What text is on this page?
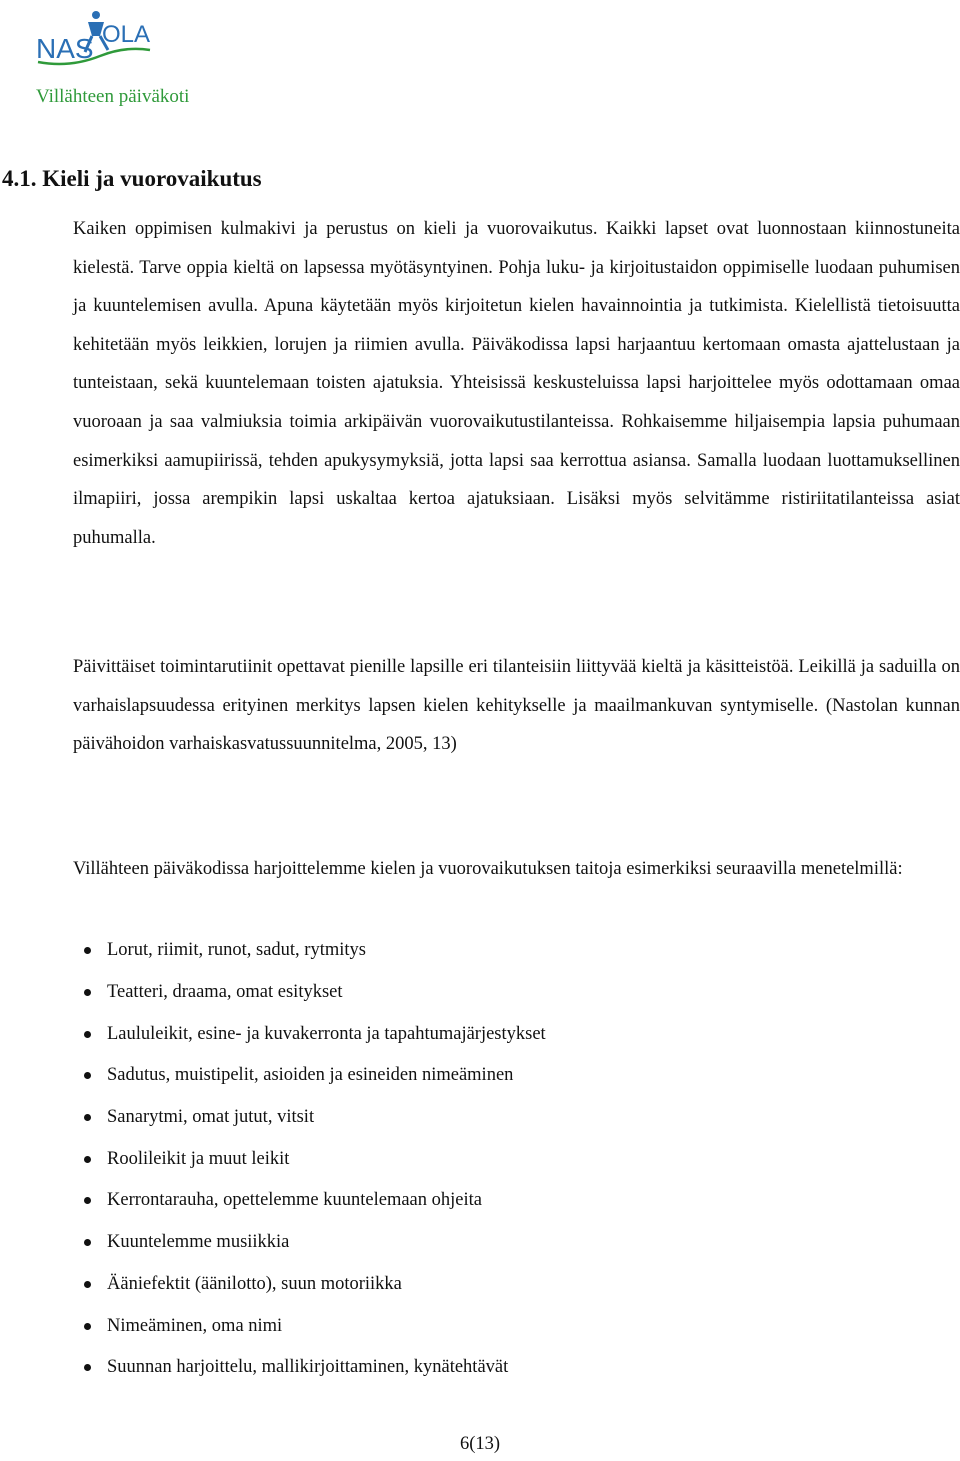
NAS OLA
Villähteen päiväkoti
4.1. Kieli ja vuorovaikutus

Kaiken oppimisen kulmakivi ja perustus on kieli ja vuorovaikutus. Kaikki lapset ovat luonnostaan kiinnostuneita kielestä. Tarve oppia kieltä on lapsessa myötäsyntyinen. Pohja luku- ja kirjoitustaidon oppimiselle luodaan puhumisen ja kuuntelemisen avulla. Apuna käytetään myös kirjoitetun kielen havainnointia ja tutkimista. Kielellistä tietoisuutta kehitetään myös leikkien, lorujen ja riimien avulla. Päiväkodissa lapsi harjaantuu kertomaan omasta ajattelustaan ja tunteistaan, sekä kuuntelemaan toisten ajatuksia. Yhteisissä keskusteluissa lapsi harjoittelee myös odottamaan omaa vuoroaan ja saa valmiuksia toimia arkipäivän vuorovaikutustilanteissa. Rohkaisemme hiljaisempia lapsia puhumaan esimerkiksi aamupiirissä, tehden apukysymyksiä, jotta lapsi saa kerrottua asiansa. Samalla luodaan luottamuksellinen ilmapiiri, jossa arempikin lapsi uskaltaa kertoa ajatuksiaan. Lisäksi myös selvitämme ristiriitatilanteissa asiat puhumalla.

Päivittäiset toimintarutiinit opettavat pienille lapsille eri tilanteisiin liittyvää kieltä ja käsitteistöä. Leikillä ja saduilla on varhaislapsuudessa erityinen merkitys lapsen kielen kehitykselle ja maailmankuvan syntymiselle. (Nastolan kunnan päivähoidon varhaiskasvatussuunnitelma, 2005, 13)

Villähteen päiväkodissa harjoittelemme kielen ja vuorovaikutuksen taitoja esimerkiksi seuraavilla menetelmillä:

Lorut, riimit, runot, sadut, rytmitys
Teatteri, draama, omat esitykset
Laululeikit, esine- ja kuvakerronta ja tapahtumajärjestykset
Sadutus, muistipelit, asioiden ja esineiden nimeäminen
Sanarytmi, omat jutut, vitsit
Roolileikit ja muut leikit
Kerrontarauha, opettelemme kuuntelemaan ohjeita
Kuuntelemme musiikkia
Ääniefektit (äänilotto), suun motoriikka
Nimeäminen, oma nimi
Suunnan harjoittelu, mallikirjoittaminen, kynätehtävät
6(13)
